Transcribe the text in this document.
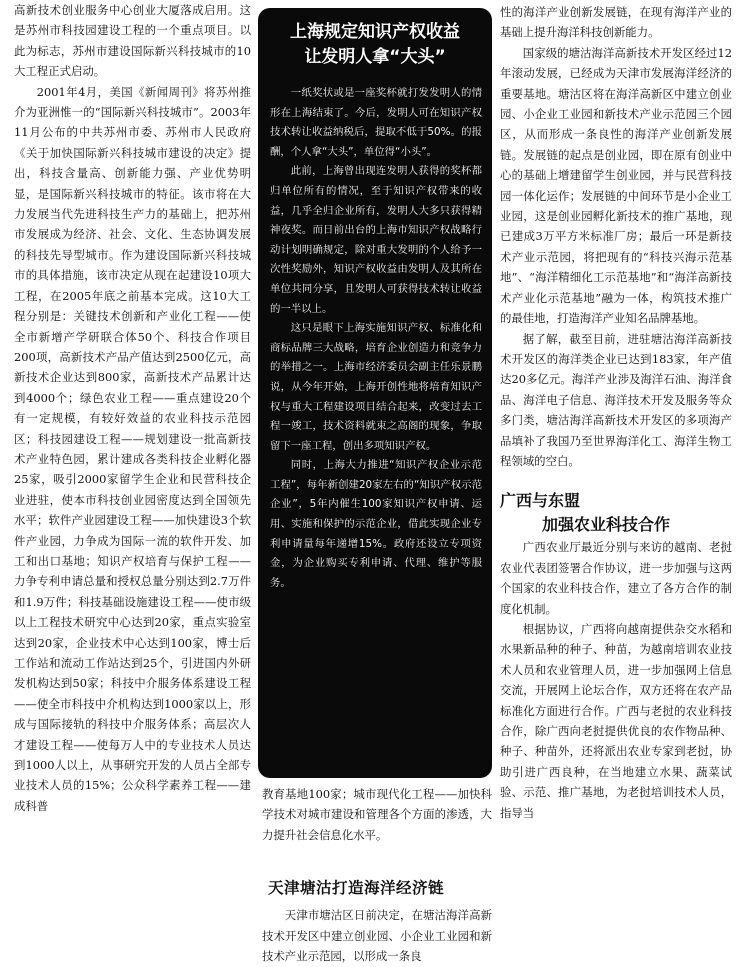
高新技术创业服务中心创业大厦落成启用。这是苏州市科技园建设工程的一个重点项目。以此为标志，苏州市建设国际新兴科技城市的10大工程正式启动。

2001年4月，美国《新闻周刊》将苏州推介为亚洲惟一的“国际新兴科技城市”。2003年11月公布的中共苏州市委、苏州市人民政府《关于加快国际新兴科技城市建设的决定》提出，科技含量高、创新能力强、产业优势明显，是国际新兴科技城市的特征。该市将在大力发展当代先进科技生产力的基础上，把苏州市发展成为经济、社会、文化、生态协调发展的科技先导型城市。作为建设国际新兴科技城市的具体措施，该市决定从现在起建设10项大工程，在2005年底之前基本完成。这10大工程分别是：关键技术创新和产业化工程——使全市新增产学研联合体50个、科技合作项目200项，高新技术产品产值达到2500亿元，高新技术企业达到800家，高新技术产品累计达到4000个；绿色农业工程——重点建设20个有一定规模，有较好效益的农业科技示范园区；科技园建设工程——规划建设一批高新技术产业特色园，累计建成各类科技企业孵化器25家，吸引2000家留学生企业和民营科技企业进驻，使本市科技创业园密度达到全国领先水平；软件产业园建设工程——加快建设3个软件产业园，力争成为国际一流的软件开发、加工和出口基地；知识产权培育与保护工程——力争专利申请总量和授权总量分别达到2.7万件和1.9万件；科技基础设施建设工程——使市级以上工程技术研究中心达到20家，重点实验室达到20家，企业技术中心达到100家，博士后工作站和流动工作站达到25个，引进国内外研发机构达到50家；科技中介服务体系建设工程——使全市科技中介机构达到1000家以上，形成与国际接轨的科技中介服务体系；高层次人才建设工程——使每万人中的专业技术人员达到1000人以上，从事研究开发的人员占全部专业技术人员的15%；公众科学素养工程——建成科普

上海规定知识产权收益
让发明人拿“大头”

一纸奖状或是一座奖杯就打发发明人的情形在上海结束了。今后，发明人可在知识产权技术转让收益纳税后，提取不低于50%。的报酬，个人拿“大头”，单位得“小头”。

此前，上海曾出现连发明人获得的奖杯都归单位所有的情况，至于知识产权带来的收益，几乎全归企业所有，发明人大多只获得精神夜奖。而日前出台的上海市知识产权战略行动计划明确规定，除对重大发明的个人给予一次性奖励外，知识产权收益由发明人及其所在单位共同分享，且发明人可获得技术转让收益的一半以上。

这只是眼下上海实施知识产权、标准化和商标品牌三大战略，培育企业创造力和竞争力的举措之一。上海市经济委员会副主任乐景鹏说，从今年开始，上海开创性地将培育知识产权与重大工程建设项目结合起来，改变过去工程一竣工，技术资料就束之高阁的现象，争取留下一座工程，创出多项知识产权。

同时，上海大力推进“知识产权企业示范工程”，每年新创建20家左右的“知识产权示范企业”，5年内催生100家知识产权申请、运用、实施和保护的示范企业，借此实现企业专利申请量每年递增15%。政府还设立专项资金，为企业购买专利申请、代理、维护等服务。

教育基地100家；城市现代化工程——加快科学技术对城市建设和管理各个方面的渗透，大力提升社会信息化水平。

天津塘沽打造海洋经济链

天津市塘沽区日前决定，在塘沽海洋高新技术开发区中建立创业园、小企业工业园和新技术产业示范园，以形成一条良

性的海洋产业创新发展链，在现有海洋产业的基础上提升海洋科技创新能力。

国家级的塘沽海洋高新技术开发区经过12年滚动发展，已经成为天津市发展海洋经济的重要基地。塘沽区将在海洋高新区中建立创业园、小企业工业园和新技术产业示范园三个园区，从而形成一条良性的海洋产业创新发展链。发展链的起点是创业园，即在原有创业中心的基础上增建留学生创业园，并与民营科技园一体化运作；发展链的中间环节是小企业工业园，这是创业园孵化新技术的推广基地，现已建成3万平方米标准厂房；最后一环是新技术产业示范园，将把现有的“科技兴海示范基地”、“海洋精细化工示范基地”和“海洋高新技术产业化示范基地”融为一体，构筑技术推广的最佳地，打造海洋产业知名品牌基地。

据了解，截至目前，进驻塘沽海洋高新技术开发区的海洋类企业已达到183家，年产值达20多亿元。海洋产业涉及海洋石油、海洋食品、海洋电子信息、海洋技术开发及服务等众多门类，塘沽海洋高新技术开发区的多项海产品填补了我国乃至世界海洋化工、海洋生物工程领域的空白。

广西与东盟
加强农业科技合作

广西农业厅最近分别与来访的越南、老挝农业代表团签署合作协议，进一步加强与这两个国家的农业科技合作，建立了各方合作的制度化机制。

根据协议，广西将向越南提供杂交水稻和水果新品种的种子、种苗，为越南培训农业技术人员和农业管理人员，进一步加强网上信息交流，开展网上论坛合作，双方还将在农产品标准化方面进行合作。广西与老挝的农业科技合作，除广西向老挝提供优良的农作物品种、种子、种苗外，还将派出农业专家到老挝，协助引进广西良种，在当地建立水果、蔬菜试验、示范、推广基地，为老挝培训技术人员，指导当
